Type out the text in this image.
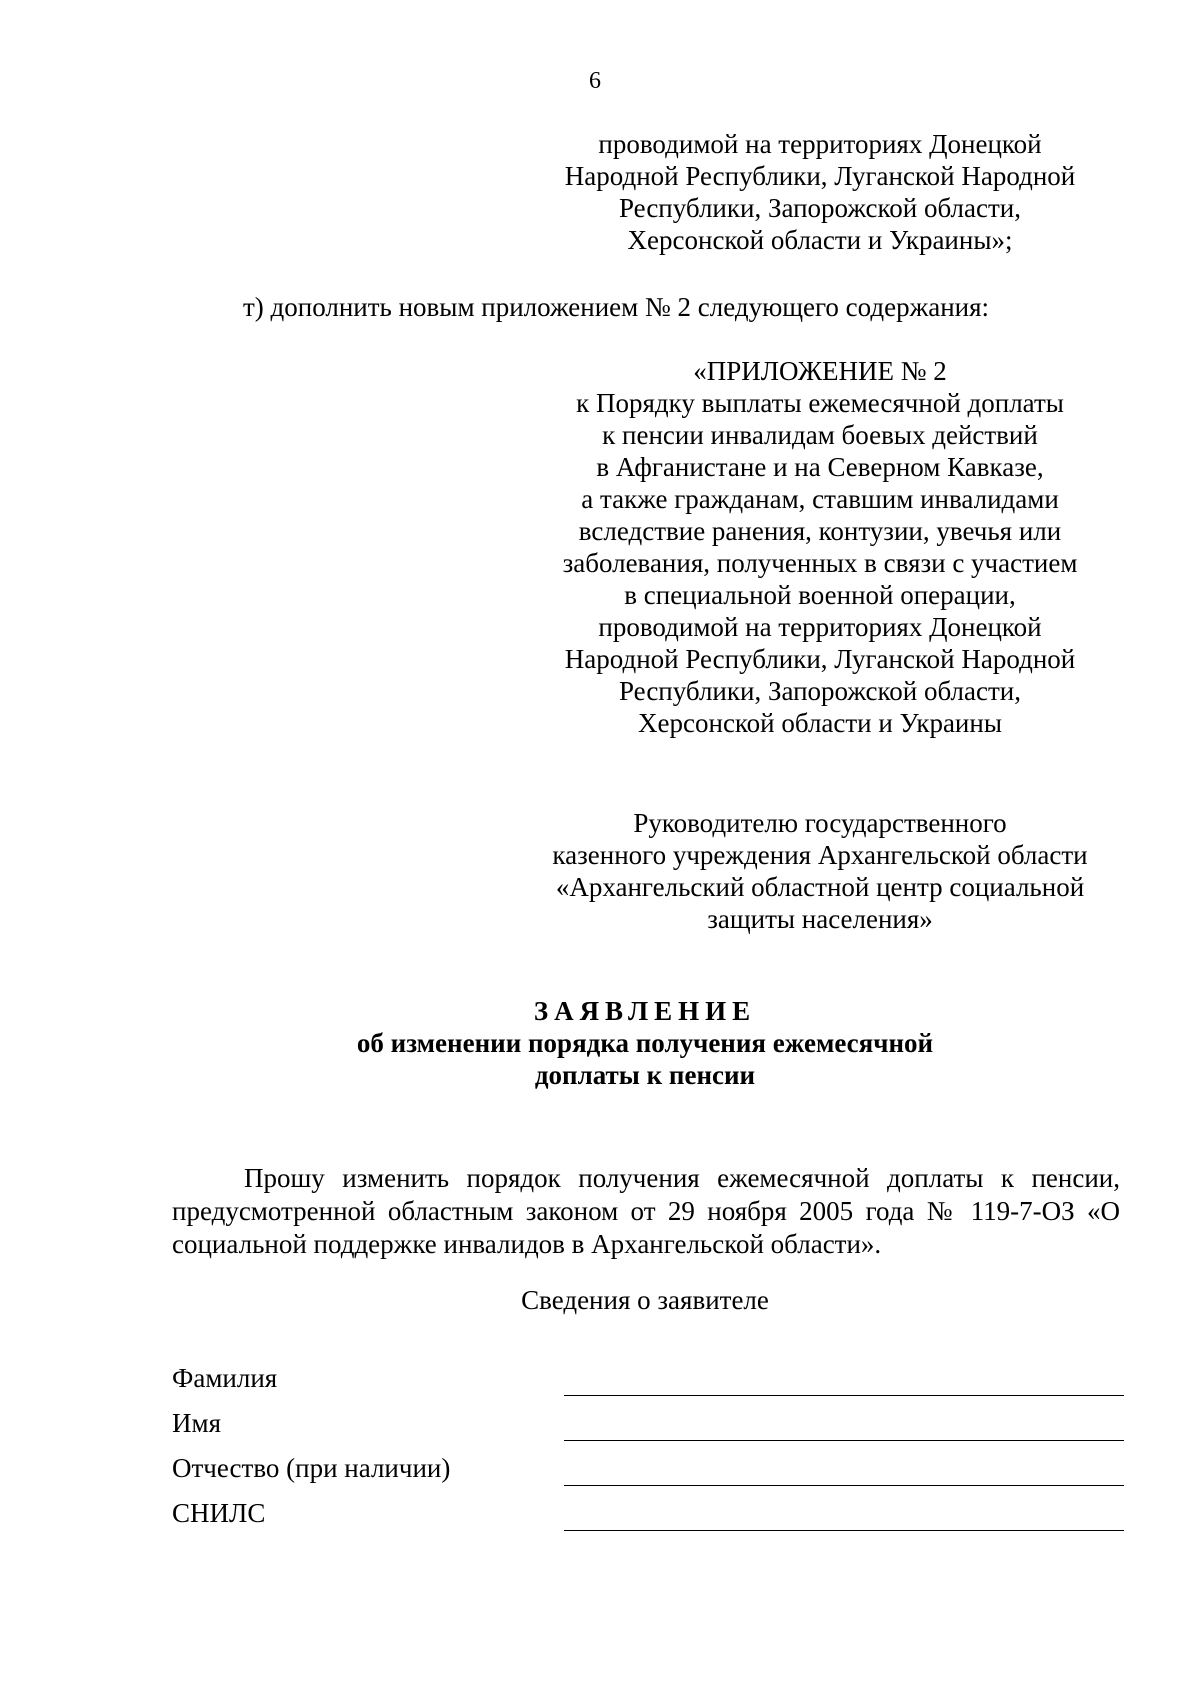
6
проводимой на территориях Донецкой
Народной Республики, Луганской Народной
Республики, Запорожской области,
Херсонской области и Украины»;
т) дополнить новым приложением № 2 следующего содержания:
«ПРИЛОЖЕНИЕ № 2
к Порядку выплаты ежемесячной доплаты
к пенсии инвалидам боевых действий
в Афганистане и на Северном Кавказе,
а также гражданам, ставшим инвалидами
вследствие ранения, контузии, увечья или
заболевания, полученных в связи с участием
в специальной военной операции,
проводимой на территориях Донецкой
Народной Республики, Луганской Народной
Республики, Запорожской области,
Херсонской области и Украины
Руководителю государственного
казенного учреждения Архангельской области
«Архангельский областной центр социальной
защиты населения»
ЗАЯВЛЕНИЕ
об изменении порядка получения ежемесячной
доплаты к пенсии
Прошу изменить порядок получения ежемесячной доплаты к пенсии, предусмотренной областным законом от 29 ноября 2005 года № 119-7-ОЗ «О социальной поддержке инвалидов в Архангельской области».
Сведения о заявителе
Фамилия
Имя
Отчество (при наличии)
СНИЛС
